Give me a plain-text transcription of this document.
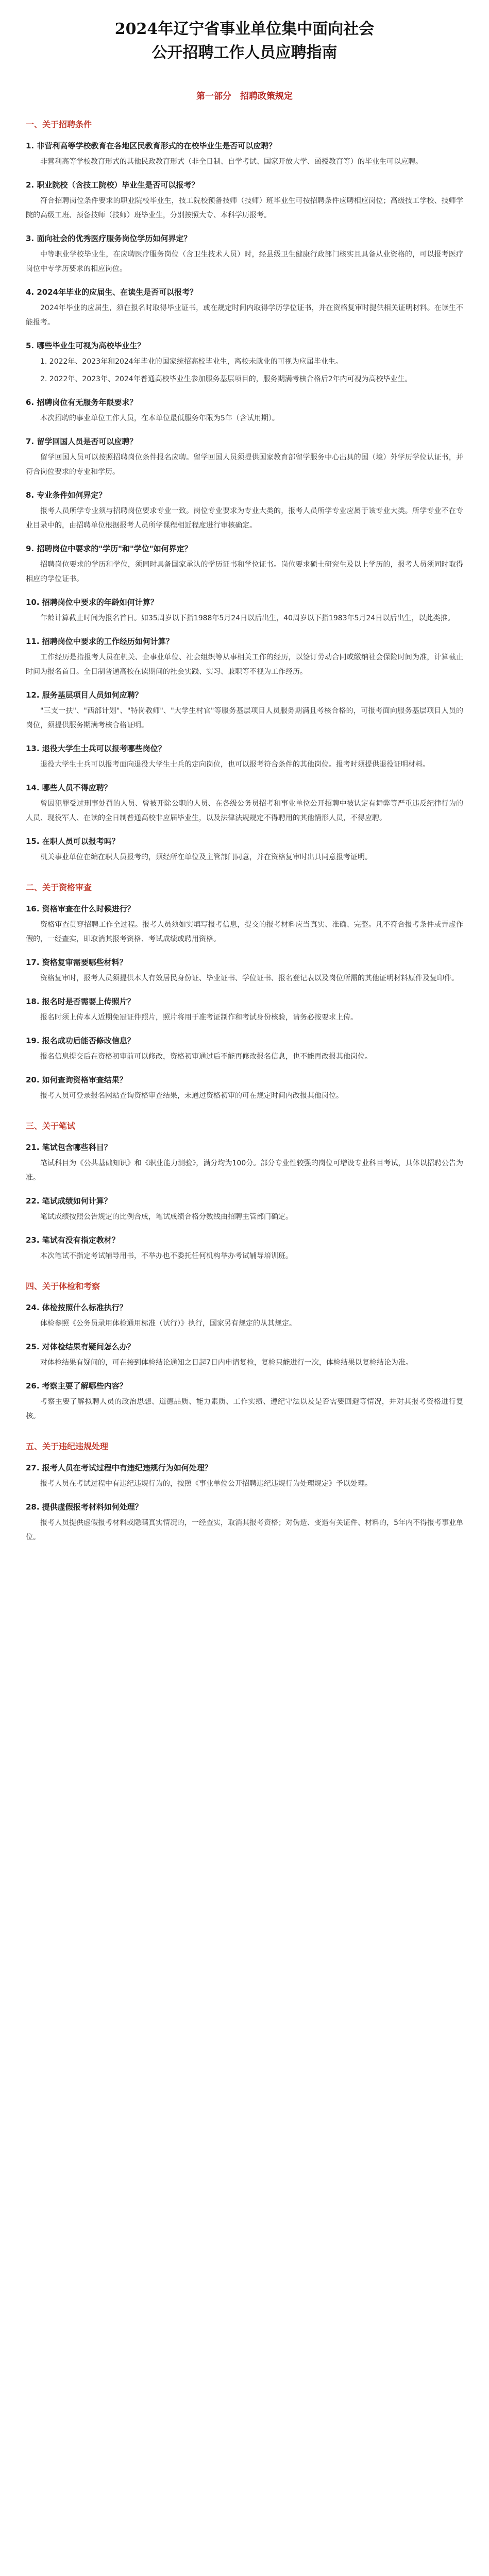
2024年辽宁省事业单位集中面向社会
公开招聘工作人员应聘指南
第一部分　招聘政策规定
一、关于招聘条件
1. 非营利高等学校教育在各地区民教育形式的在校毕业生是否可以应聘？

非营利高等学校教育形式的其他民政教育形式（非全日制、自学考试、国家开放大学、函授教育等）的毕业生可以应聘。

2. 职业院校（含技工院校）毕业生是否可以报考？

符合招聘岗位条件要求的职业院校毕业生，技工院校预备技师（技师）班毕业生可按招聘条件应聘相应岗位；高级技工学校、技师学院的高级工班、预备技师（技师）班毕业生，分别按照大专、本科学历报考。

3. 面向社会的优秀医疗服务岗位学历如何界定？

中等职业学校毕业生，在应聘医疗服务岗位（含卫生技术人员）时，经县级卫生健康行政部门核实且具备从业资格的，可以报考医疗岗位中专学历要求的相应岗位。

4. 2024年毕业的应届生、在读生是否可以报考？

2024年毕业的应届生，须在报名时取得毕业证书，或在规定时间内取得学历学位证书，并在资格复审时提供相关证明材料。在读生不能报考。

5. 哪些毕业生可视为高校毕业生？

1. 2022年、2023年和2024年毕业的国家统招高校毕业生，离校未就业的可视为应届毕业生。

2. 2022年、2023年、2024年普通高校毕业生参加服务基层项目的，服务期满考核合格后2年内可视为高校毕业生。

6. 招聘岗位有无服务年限要求？

本次招聘的事业单位工作人员，在本单位最低服务年限为5年（含试用期）。

7. 留学回国人员是否可以应聘？

留学回国人员可以按照招聘岗位条件报名应聘。留学回国人员须提供国家教育部留学服务中心出具的国（境）外学历学位认证书，并符合岗位要求的专业和学历。

8. 专业条件如何界定？

报考人员所学专业须与招聘岗位要求专业一致。岗位专业要求为专业大类的，报考人员所学专业应属于该专业大类。所学专业不在专业目录中的，由招聘单位根据报考人员所学课程相近程度进行审核确定。

9. 招聘岗位中要求的"学历"和"学位"如何界定？

招聘岗位要求的学历和学位，须同时具备国家承认的学历证书和学位证书。岗位要求硕士研究生及以上学历的，报考人员须同时取得相应的学位证书。

10. 招聘岗位中要求的年龄如何计算？

年龄计算截止时间为报名首日。如35周岁以下指1988年5月24日以后出生，40周岁以下指1983年5月24日以后出生，以此类推。

11. 招聘岗位中要求的工作经历如何计算？

工作经历是指报考人员在机关、企事业单位、社会组织等从事相关工作的经历，以签订劳动合同或缴纳社会保险时间为准，计算截止时间为报名首日。全日制普通高校在读期间的社会实践、实习、兼职等不视为工作经历。

12. 服务基层项目人员如何应聘？

"三支一扶"、"西部计划"、"特岗教师"、"大学生村官"等服务基层项目人员服务期满且考核合格的，可报考面向服务基层项目人员的岗位，须提供服务期满考核合格证明。

13. 退役大学生士兵可以报考哪些岗位？

退役大学生士兵可以报考面向退役大学生士兵的定向岗位，也可以报考符合条件的其他岗位。报考时须提供退役证明材料。

14. 哪些人员不得应聘？

曾因犯罪受过刑事处罚的人员、曾被开除公职的人员、在各级公务员招考和事业单位公开招聘中被认定有舞弊等严重违反纪律行为的人员、现役军人、在读的全日制普通高校非应届毕业生，以及法律法规规定不得聘用的其他情形人员，不得应聘。

15. 在职人员可以报考吗？

机关事业单位在编在职人员报考的，须经所在单位及主管部门同意，并在资格复审时出具同意报考证明。

二、关于资格审查
16. 资格审查在什么时候进行？

资格审查贯穿招聘工作全过程。报考人员须如实填写报考信息，提交的报考材料应当真实、准确、完整。凡不符合报考条件或弄虚作假的，一经查实，即取消其报考资格、考试成绩或聘用资格。

17. 资格复审需要哪些材料？

资格复审时，报考人员须提供本人有效居民身份证、毕业证书、学位证书、报名登记表以及岗位所需的其他证明材料原件及复印件。

18. 报名时是否需要上传照片？

报名时须上传本人近期免冠证件照片，照片将用于准考证制作和考试身份核验，请务必按要求上传。

19. 报名成功后能否修改信息？

报名信息提交后在资格初审前可以修改，资格初审通过后不能再修改报名信息，也不能再改报其他岗位。

20. 如何查询资格审查结果？

报考人员可登录报名网站查询资格审查结果，未通过资格初审的可在规定时间内改报其他岗位。

三、关于笔试
21. 笔试包含哪些科目？

笔试科目为《公共基础知识》和《职业能力测验》，满分均为100分。部分专业性较强的岗位可增设专业科目考试，具体以招聘公告为准。

22. 笔试成绩如何计算？

笔试成绩按照公告规定的比例合成，笔试成绩合格分数线由招聘主管部门确定。

23. 笔试有没有指定教材？

本次笔试不指定考试辅导用书，不举办也不委托任何机构举办考试辅导培训班。

四、关于体检和考察
24. 体检按照什么标准执行？

体检参照《公务员录用体检通用标准（试行）》执行，国家另有规定的从其规定。

25. 对体检结果有疑问怎么办？

对体检结果有疑问的，可在接到体检结论通知之日起7日内申请复检，复检只能进行一次，体检结果以复检结论为准。

26. 考察主要了解哪些内容？

考察主要了解拟聘人员的政治思想、道德品质、能力素质、工作实绩、遵纪守法以及是否需要回避等情况，并对其报考资格进行复核。

五、关于违纪违规处理
27. 报考人员在考试过程中有违纪违规行为如何处理？

报考人员在考试过程中有违纪违规行为的，按照《事业单位公开招聘违纪违规行为处理规定》予以处理。

28. 提供虚假报考材料如何处理？

报考人员提供虚假报考材料或隐瞒真实情况的，一经查实，取消其报考资格；对伪造、变造有关证件、材料的，5年内不得报考事业单位。
